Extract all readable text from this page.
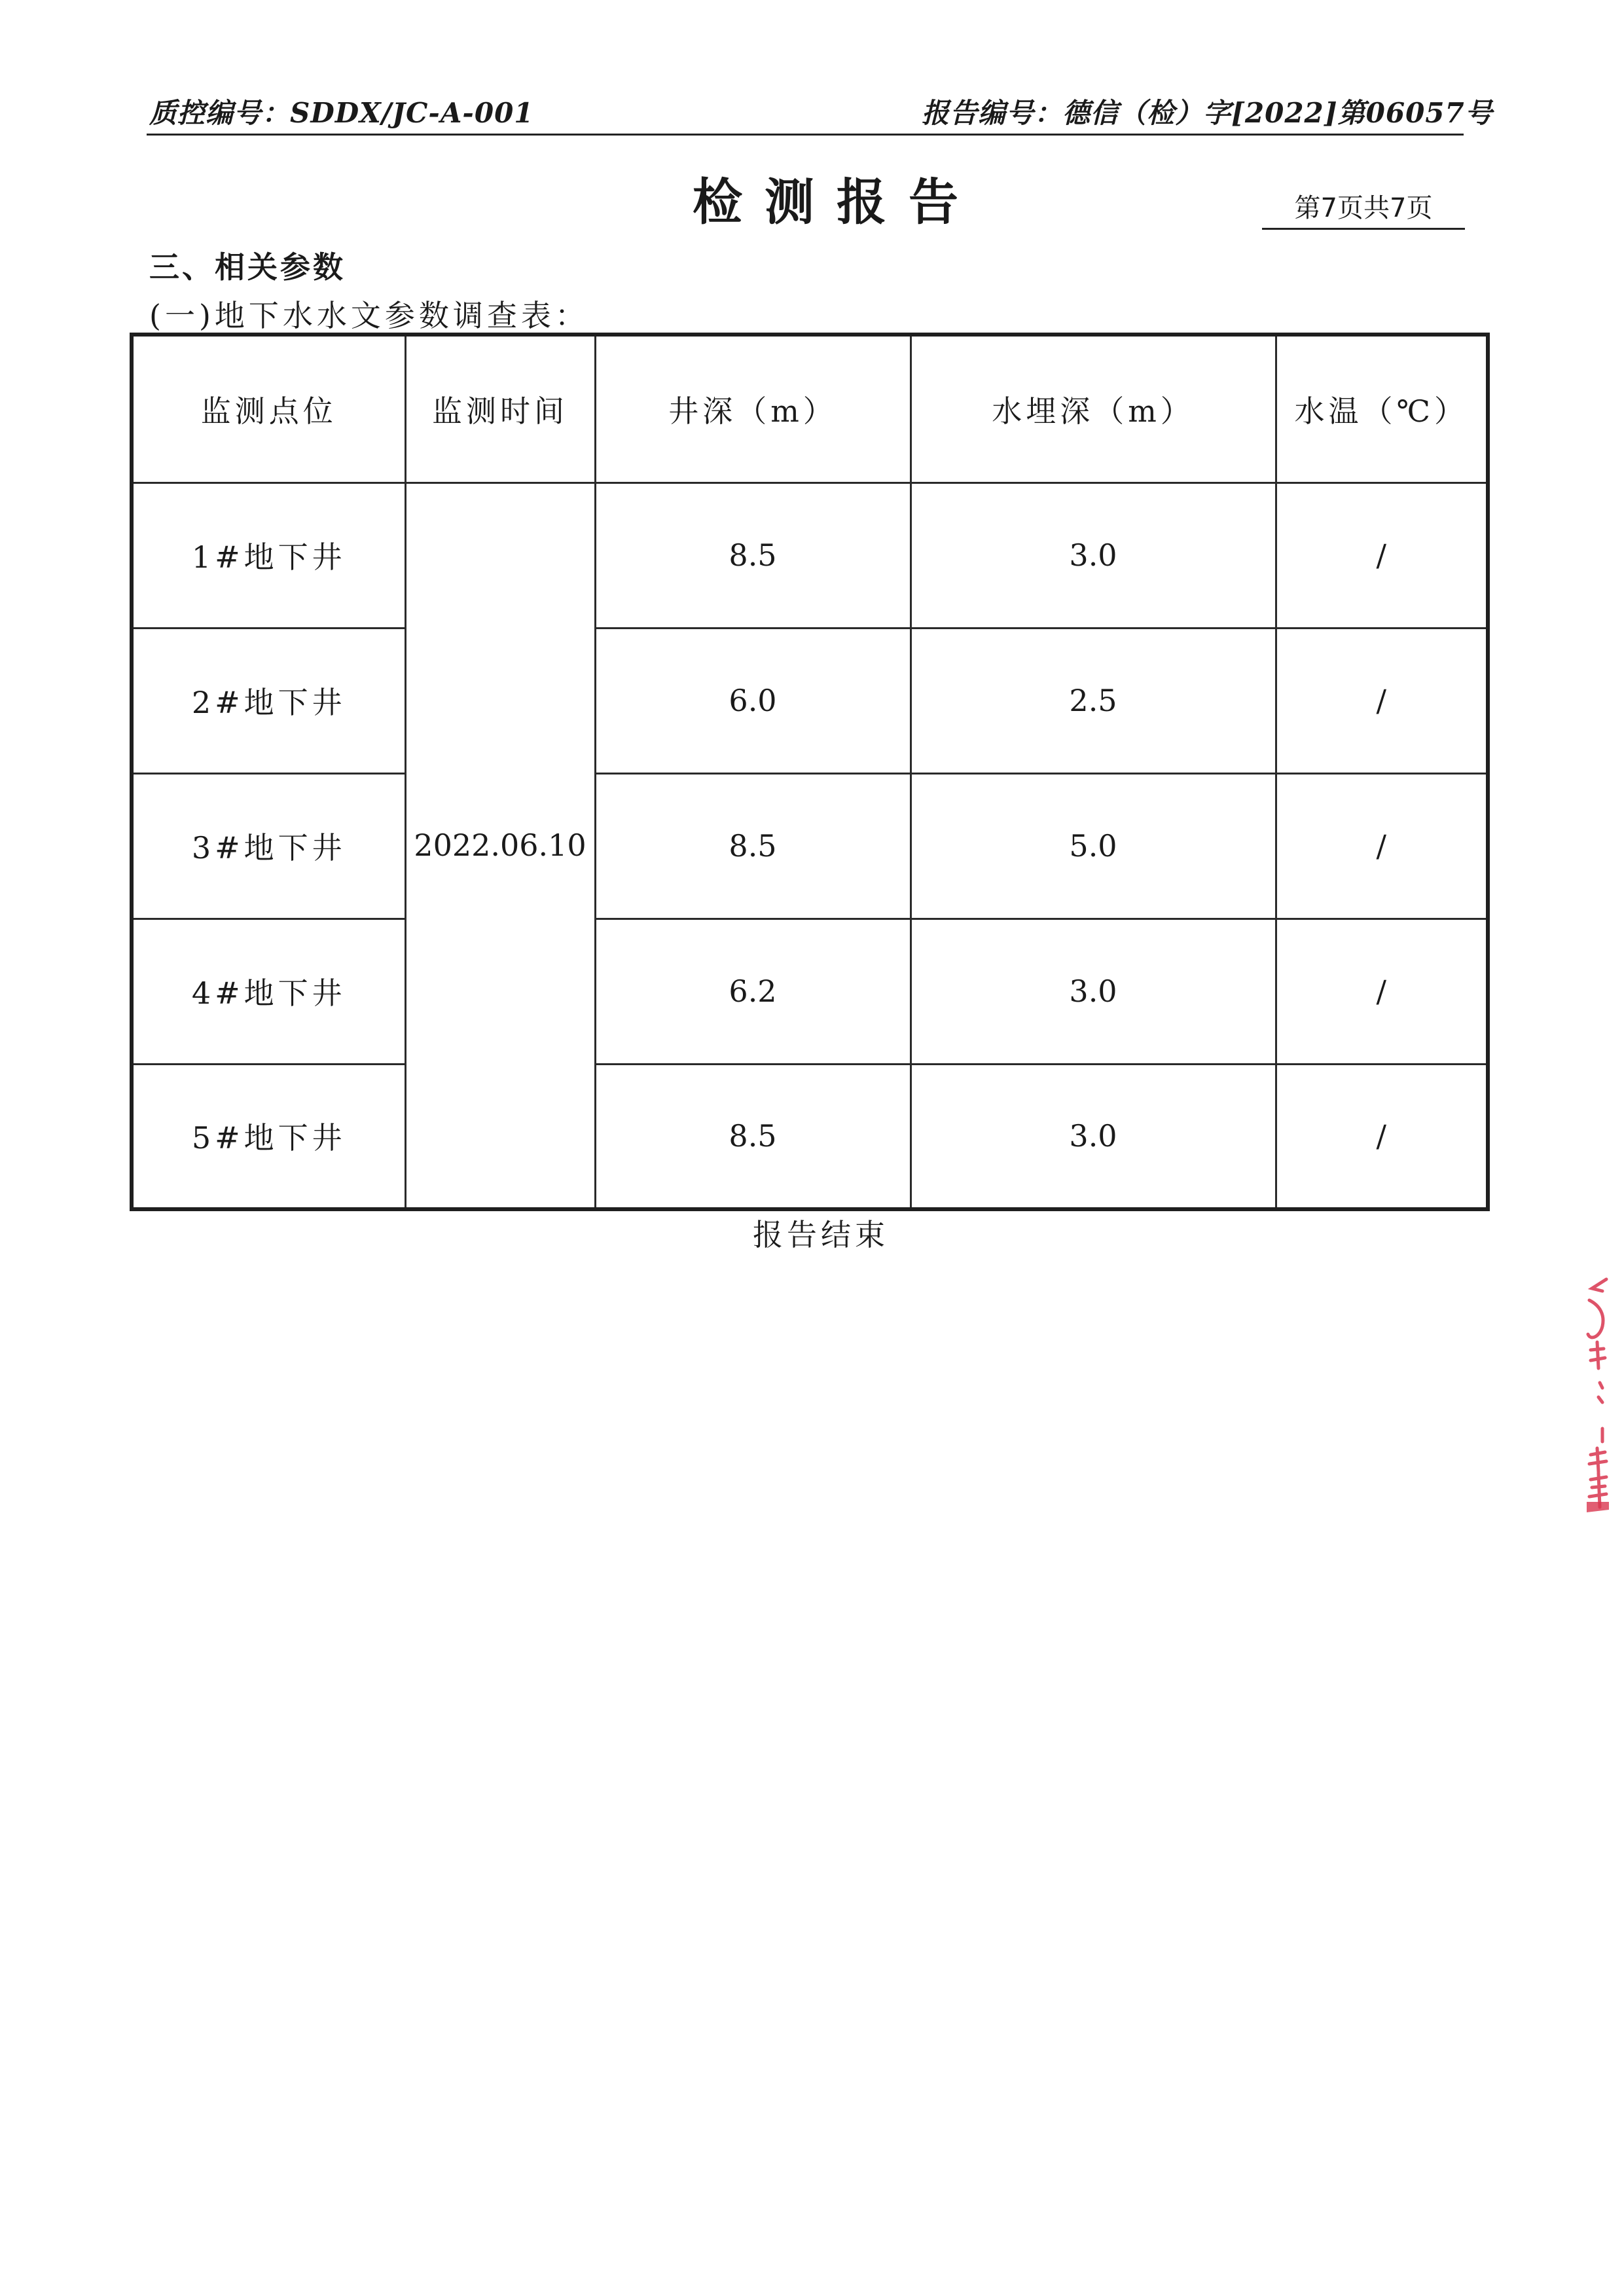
质控编号：SDDX/JC-A-001	报告编号：德信（检）字[2022]第06057号
检测报告	第7页共7页
三、相关参数
(一)地下水水文参数调查表：
监测点位	监测时间	井深（m）	水埋深（m）	水温（℃）
1#地下井	2022.06.10	8.5	3.0	/
2#地下井		6.0	2.5	/
3#地下井		8.5	5.0	/
4#地下井		6.2	3.0	/
5#地下井		8.5	3.0	/
报告结束
